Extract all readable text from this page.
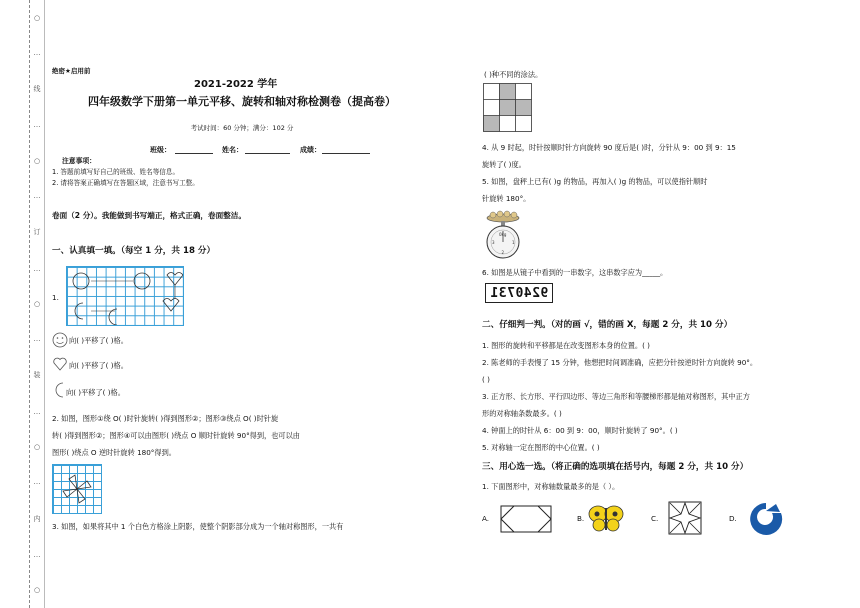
○
…
线
…
○
…
订
…
○
…
装
…
○
…
内
…
○
绝密★启用前
2021-2022 学年
四年级数学下册第一单元平移、旋转和轴对称检测卷（提高卷）
考试时间：60 分钟；满分：102 分
班级：	姓名：	成绩：
注意事项：
1. 答题前填写好自己的班级、姓名等信息。
2. 请将答案正确填写在答题区域，注意书写工整。
卷面（2 分）。我能做到书写端正，格式正确，卷面整洁。
一、认真填一填。（每空 1 分，共 18 分）
1.
向( )平移了( )格。
向( )平移了( )格。
向( )平移了( )格。
2. 如图，图形①绕 O( )时针旋转( )得到图形②；图形③绕点 O( )时针旋
转( )得到图形②；图形④可以由图形( )绕点 O 顺时针旋转 90°得到，也可以由
图形( )绕点 O 逆时针旋转 180°得到。
3. 如图，如果将其中 1 个白色方格涂上阴影，使整个阴影部分成为一个轴对称图形，一共有
( )种不同的涂法。
4. 从 9 时起，时针按顺时针方向旋转 90 度后是( )时，分针从 9：00 到 9：15
旋转了( )度。
5. 如图，盘秤上已有( )g 的物品，再加入( )g 的物品，可以使指针顺时
针旋转 180°。
0kg
3	1
2
6. 如图是从镜子中看到的一串数字，这串数字应为_____。
9240731
二、仔细判一判。（对的画 √，错的画 X，每题 2 分，共 10 分）
1. 图形的旋转和平移都是在改变图形本身的位置。( )
2. 陈老师的手表慢了 15 分钟，他想把时间调准确，应把分针按逆时针方向旋转 90°。
( )
3. 正方形、长方形、平行四边形、等边三角形和等腰梯形都是轴对称图形，其中正方
形的对称轴条数最多。( )
4. 钟面上的时针从 6：00 到 9：00，顺时针旋转了 90°。( )
5. 对称轴一定在图形的中心位置。( )
三、用心选一选。（将正确的选项填在括号内，每题 2 分，共 10 分）
1. 下面图形中，对称轴数量最多的是（ ）。
A.	B.	C.	D.
